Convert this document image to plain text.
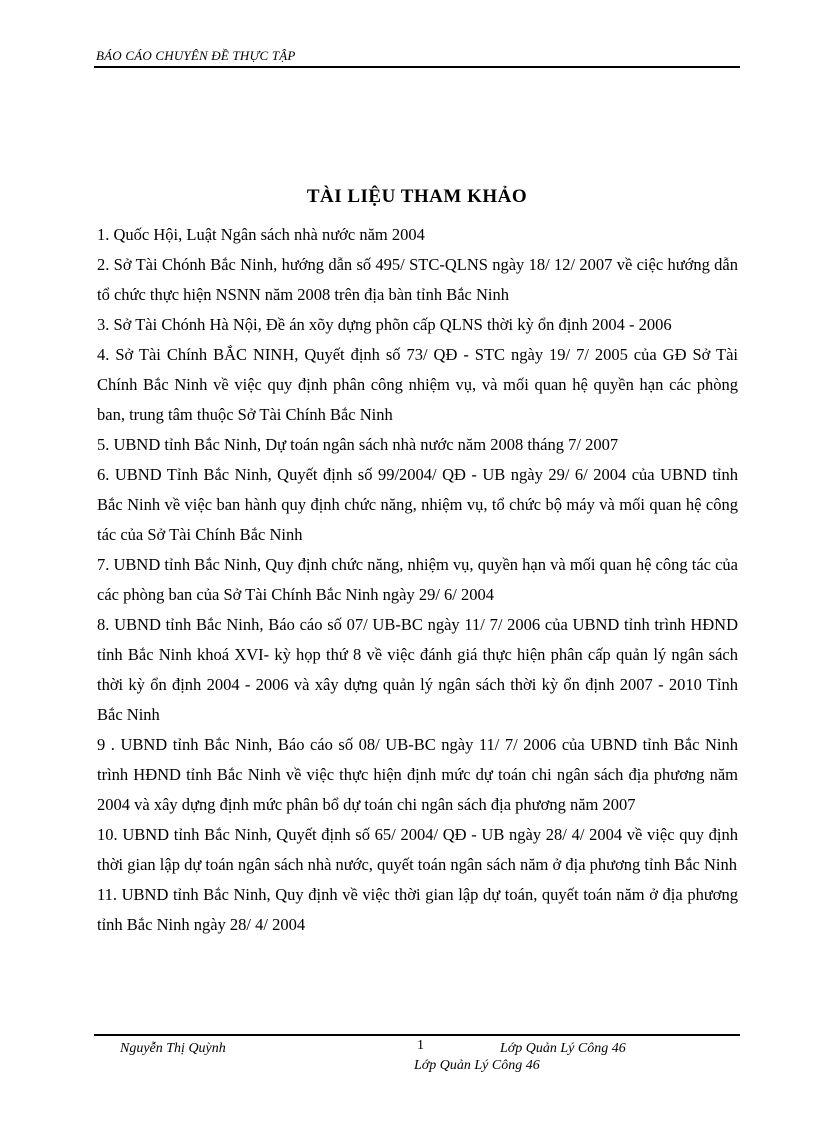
BÁO CÁO CHUYÊN ĐỀ THỰC TẬP
TÀI LIỆU THAM KHẢO
1. Quốc Hội, Luật Ngân sách nhà nước năm 2004
2. Sở Tài Chónh Bắc Ninh, hướng dẫn số 495/ STC-QLNS ngày 18/ 12/ 2007 về ciệc hướng dẫn tổ chức thực hiện NSNN năm 2008 trên địa bàn tỉnh Bắc Ninh
3. Sở Tài Chónh Hà Nội, Đề án xõy dựng phõn cấp QLNS thời kỳ ổn định 2004 - 2006
4. Sở Tài Chính BẮC NINH, Quyết định số 73/ QĐ - STC ngày 19/ 7/ 2005 của GĐ Sở Tài Chính Bắc Ninh về việc quy định phân công nhiệm vụ, và mối quan hệ quyền hạn các phòng ban, trung tâm thuộc Sở Tài Chính Bắc Ninh
5. UBND tỉnh Bắc Ninh, Dự toán ngân sách nhà nước năm 2008 tháng 7/ 2007
6. UBND Tỉnh Bắc Ninh, Quyết định số 99/2004/ QĐ - UB ngày 29/ 6/ 2004 của UBND tỉnh Bắc Ninh về việc ban hành quy định chức năng, nhiệm vụ, tổ chức bộ máy và mối quan hệ công tác của Sở Tài Chính Bắc Ninh
7. UBND tỉnh Bắc Ninh, Quy định chức năng, nhiệm vụ, quyền hạn và mối quan hệ công tác của các phòng ban của Sở Tài Chính Bắc Ninh ngày 29/ 6/ 2004
8. UBND tỉnh Bắc Ninh, Báo cáo số 07/ UB-BC ngày 11/ 7/ 2006 của UBND tỉnh trình HĐND tỉnh Bắc Ninh khoá XVI- kỳ họp thứ 8 về việc đánh giá thực hiện phân cấp quản lý ngân sách thời kỳ ổn định 2004 - 2006 và xây dựng quản lý ngân sách thời kỳ ổn định 2007 - 2010 Tỉnh Bắc Ninh
9 . UBND tỉnh Bắc Ninh, Báo cáo số 08/ UB-BC ngày 11/ 7/ 2006 của UBND tỉnh Bắc Ninh trình HĐND tỉnh Bắc Ninh về việc thực hiện định mức dự toán chi ngân sách địa phương năm 2004 và xây dựng định mức phân bổ dự toán chi ngân sách địa phương năm 2007
10. UBND tỉnh Bắc Ninh, Quyết định số 65/ 2004/ QĐ - UB ngày 28/ 4/ 2004 về việc quy định thời gian lập dự toán ngân sách nhà nước, quyết toán ngân sách năm ở địa phương tỉnh Bắc Ninh
11. UBND tỉnh Bắc Ninh, Quy định về việc thời gian lập dự toán, quyết toán năm ở địa phương tỉnh Bắc Ninh ngày 28/ 4/ 2004
Nguyễn Thị Quỳnh	1	Lớp Quản Lý Công 46
Lớp Quản Lý Công 46
